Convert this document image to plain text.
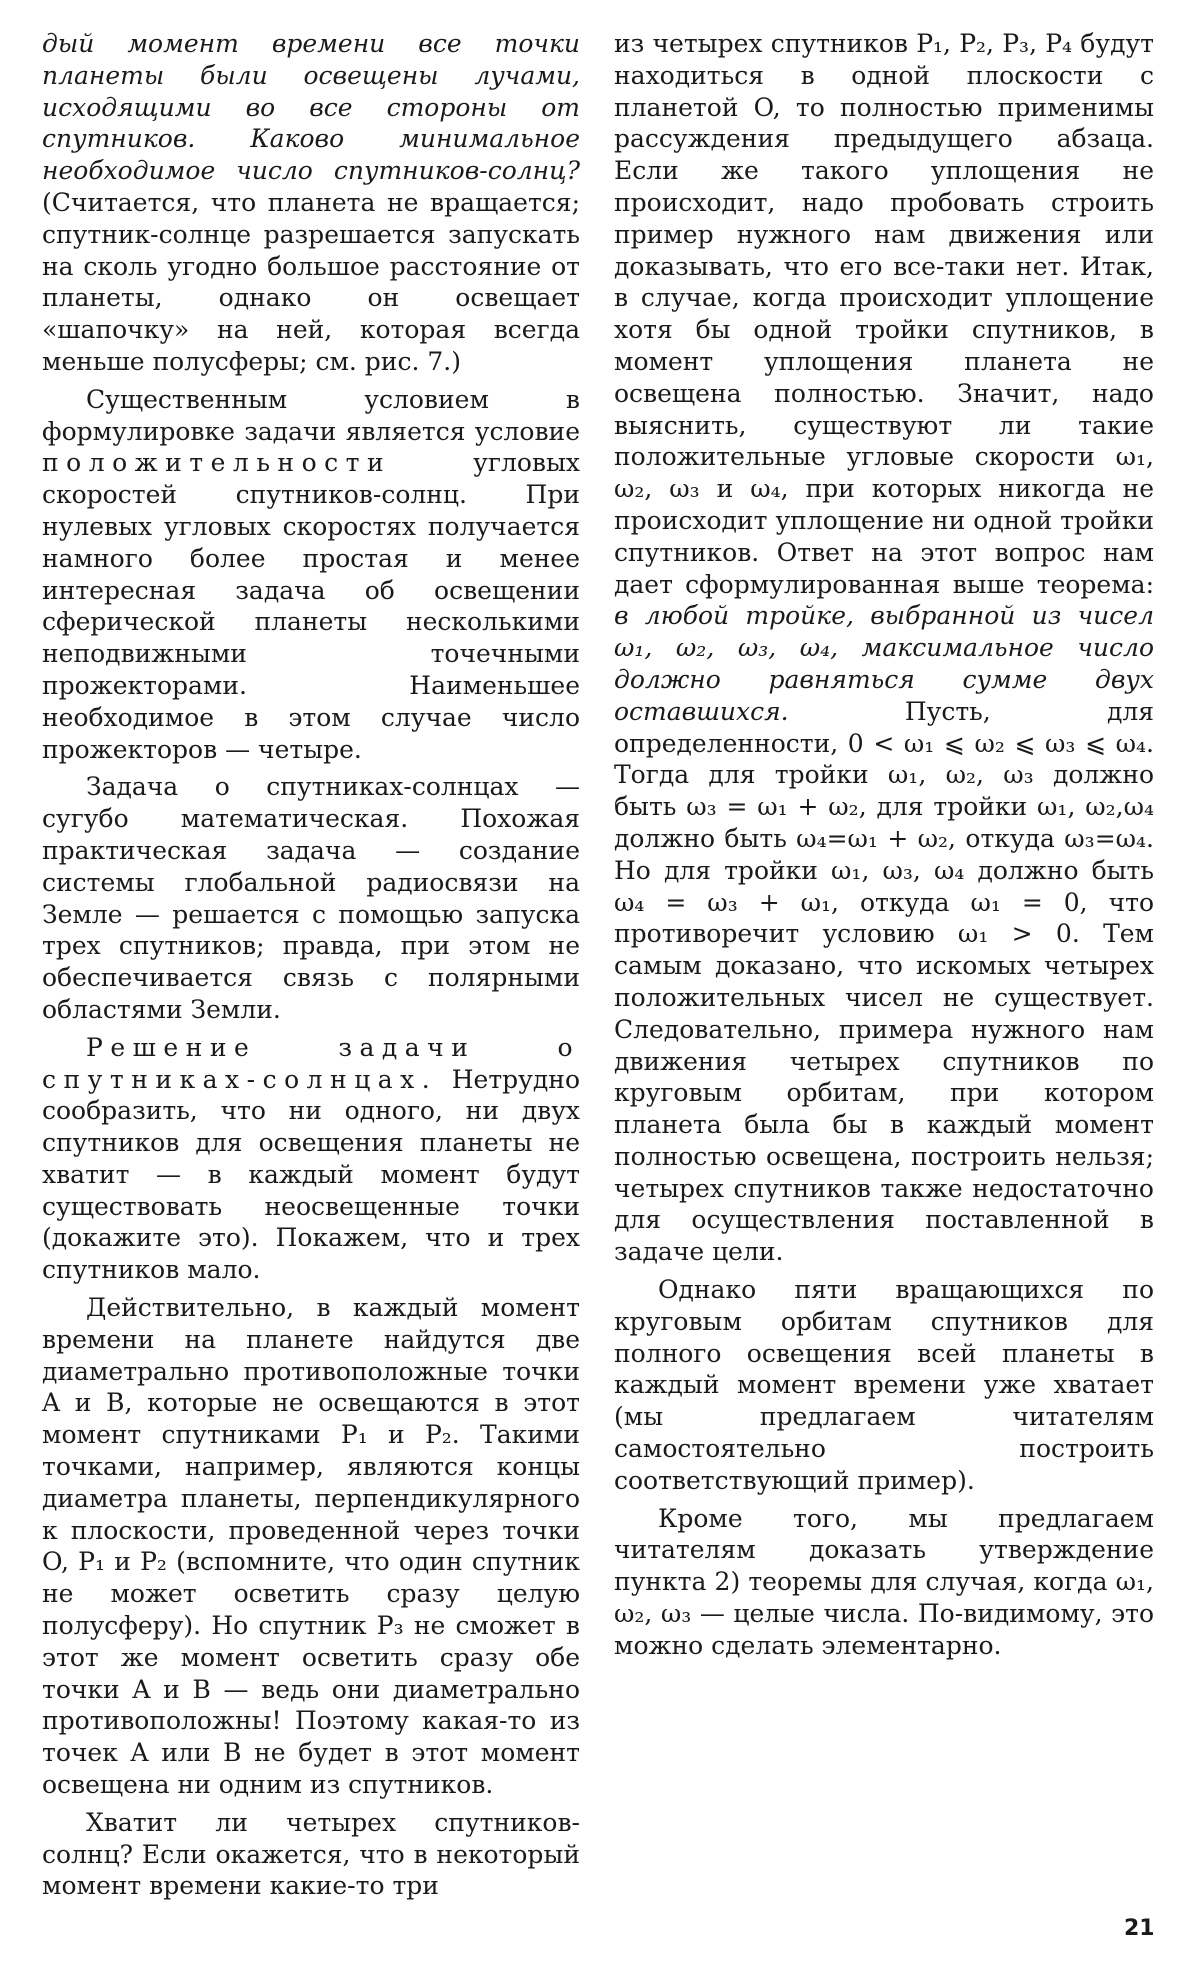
дый момент времени все точки планеты были освещены лучами, исходящими во все стороны от спутников. Каково минимальное необходимое число спутников-солнц? (Считается, что планета не вращается; спутник-солнце разрешается запускать на сколь угодно большое расстояние от планеты, однако он освещает «шапочку» на ней, которая всегда меньше полусферы; см. рис. 7.)

Существенным условием в формулировке задачи является условие положительности угловых скоростей спутников-солнц. При нулевых угловых скоростях получается намного более простая и менее интересная задача об освещении сферической планеты несколькими неподвижными точечными прожекторами. Наименьшее необходимое в этом случае число прожекторов — четыре.

Задача о спутниках-солнцах — сугубо математическая. Похожая практическая задача — создание системы глобальной радиосвязи на Земле — решается с помощью запуска трех спутников; правда, при этом не обеспечивается связь с полярными областями Земли.

Решение задачи о спутниках-солнцах. Нетрудно сообразить, что ни одного, ни двух спутников для освещения планеты не хватит — в каждый момент будут существовать неосвещенные точки (докажите это). Покажем, что и трех спутников мало.

Действительно, в каждый момент времени на планете найдутся две диаметрально противоположные точки A и B, которые не освещаются в этот момент спутниками P₁ и P₂. Такими точками, например, являются концы диаметра планеты, перпендикулярного к плоскости, проведенной через точки O, P₁ и P₂ (вспомните, что один спутник не может осветить сразу целую полусферу). Но спутник P₃ не сможет в этот же момент осветить сразу обе точки A и B — ведь они диаметрально противоположны! Поэтому какая-то из точек A или B не будет в этот момент освещена ни одним из спутников.

Хватит ли четырех спутников-солнц? Если окажется, что в некоторый момент времени какие-то три

из четырех спутников P₁, P₂, P₃, P₄ будут находиться в одной плоскости с планетой O, то полностью применимы рассуждения предыдущего абзаца. Если же такого уплощения не происходит, надо пробовать строить пример нужного нам движения или доказывать, что его все-таки нет. Итак, в случае, когда происходит уплощение хотя бы одной тройки спутников, в момент уплощения планета не освещена полностью. Значит, надо выяснить, существуют ли такие положительные угловые скорости ω₁, ω₂, ω₃ и ω₄, при которых никогда не происходит уплощение ни одной тройки спутников. Ответ на этот вопрос нам дает сформулированная выше теорема: в любой тройке, выбранной из чисел ω₁, ω₂, ω₃, ω₄, максимальное число должно равняться сумме двух оставшихся. Пусть, для определенности, 0 < ω₁ ⩽ ω₂ ⩽ ω₃ ⩽ ω₄. Тогда для тройки ω₁, ω₂, ω₃ должно быть ω₃ = ω₁ + ω₂, для тройки ω₁, ω₂,ω₄ должно быть ω₄=ω₁ + ω₂, откуда ω₃=ω₄. Но для тройки ω₁, ω₃, ω₄ должно быть ω₄ = ω₃ + ω₁, откуда ω₁ = 0, что противоречит условию ω₁ > 0. Тем самым доказано, что искомых четырех положительных чисел не существует. Следовательно, примера нужного нам движения четырех спутников по круговым орбитам, при котором планета была бы в каждый момент полностью освещена, построить нельзя; четырех спутников также недостаточно для осуществления поставленной в задаче цели.

Однако пяти вращающихся по круговым орбитам спутников для полного освещения всей планеты в каждый момент времени уже хватает (мы предлагаем читателям самостоятельно построить соответствующий пример).

Кроме того, мы предлагаем читателям доказать утверждение пункта 2) теоремы для случая, когда ω₁, ω₂, ω₃ — целые числа. По-видимому, это можно сделать элементарно.

21
